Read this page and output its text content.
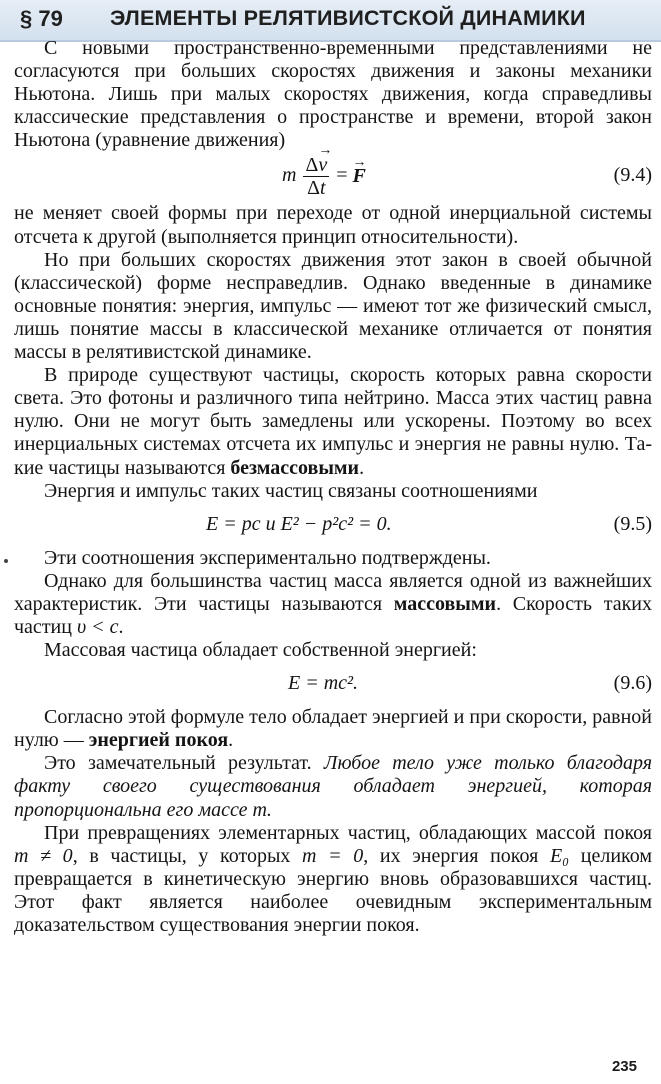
§ 79 ЭЛЕМЕНТЫ РЕЛЯТИВИСТСКОЙ ДИНАМИКИ

С новыми пространственно-временными представлениями не согласуются при больших скоростях движения и законы механики Ньютона. Лишь при малых скоростях движения, когда справедливы классические представления о пространстве и времени, второй закон Ньютона (уравнение движения)

m $\frac{\Delta\to v}{\Delta t}$ = → F	(9.4)

не меняет своей формы при переходе от одной инерциальной системы отсчета к другой (выполняется принцип относительности).

Но при больших скоростях движения этот закон в своей обычной (классической) форме несправедлив. Однако введенные в динамике основные понятия: энергия, импульс — имеют тот же физический смысл, лишь понятие массы в классической механике отличается от понятия массы в релятивистской динамике.

В природе существуют частицы, скорость которых равна скорости света. Это фотоны и различного типа нейтрино. Масса этих частиц равна нулю. Они не могут быть замедлены или ускорены. Поэтому во всех инерциальных системах отсчета их импульс и энергия не равны нулю. Такие частицы называются безмассовыми.

Энергия и импульс таких частиц связаны соотношениями

E = pc и E² − p²c² = 0.	(9.5)

Эти соотношения экспериментально подтверждены.

Однако для большинства частиц масса является одной из важнейших характеристик. Эти частицы называются массовыми. Скорость таких частиц υ < c.

Массовая частица обладает собственной энергией:

E = mc².	(9.6)

Согласно этой формуле тело обладает энергией и при скорости, равной нулю — энергией покоя.

Это замечательный результат. Любое тело уже только благодаря факту своего существования обладает энергией, которая пропорциональна его массе m.

При превращениях элементарных частиц, обладающих массой покоя m ≠ 0, в частицы, у которых m = 0, их энергия покоя E₀ целиком превращается в кинетическую энергию вновь образовавшихся частиц. Этот факт является наиболее очевидным экспериментальным доказательством существования энергии покоя.

235
